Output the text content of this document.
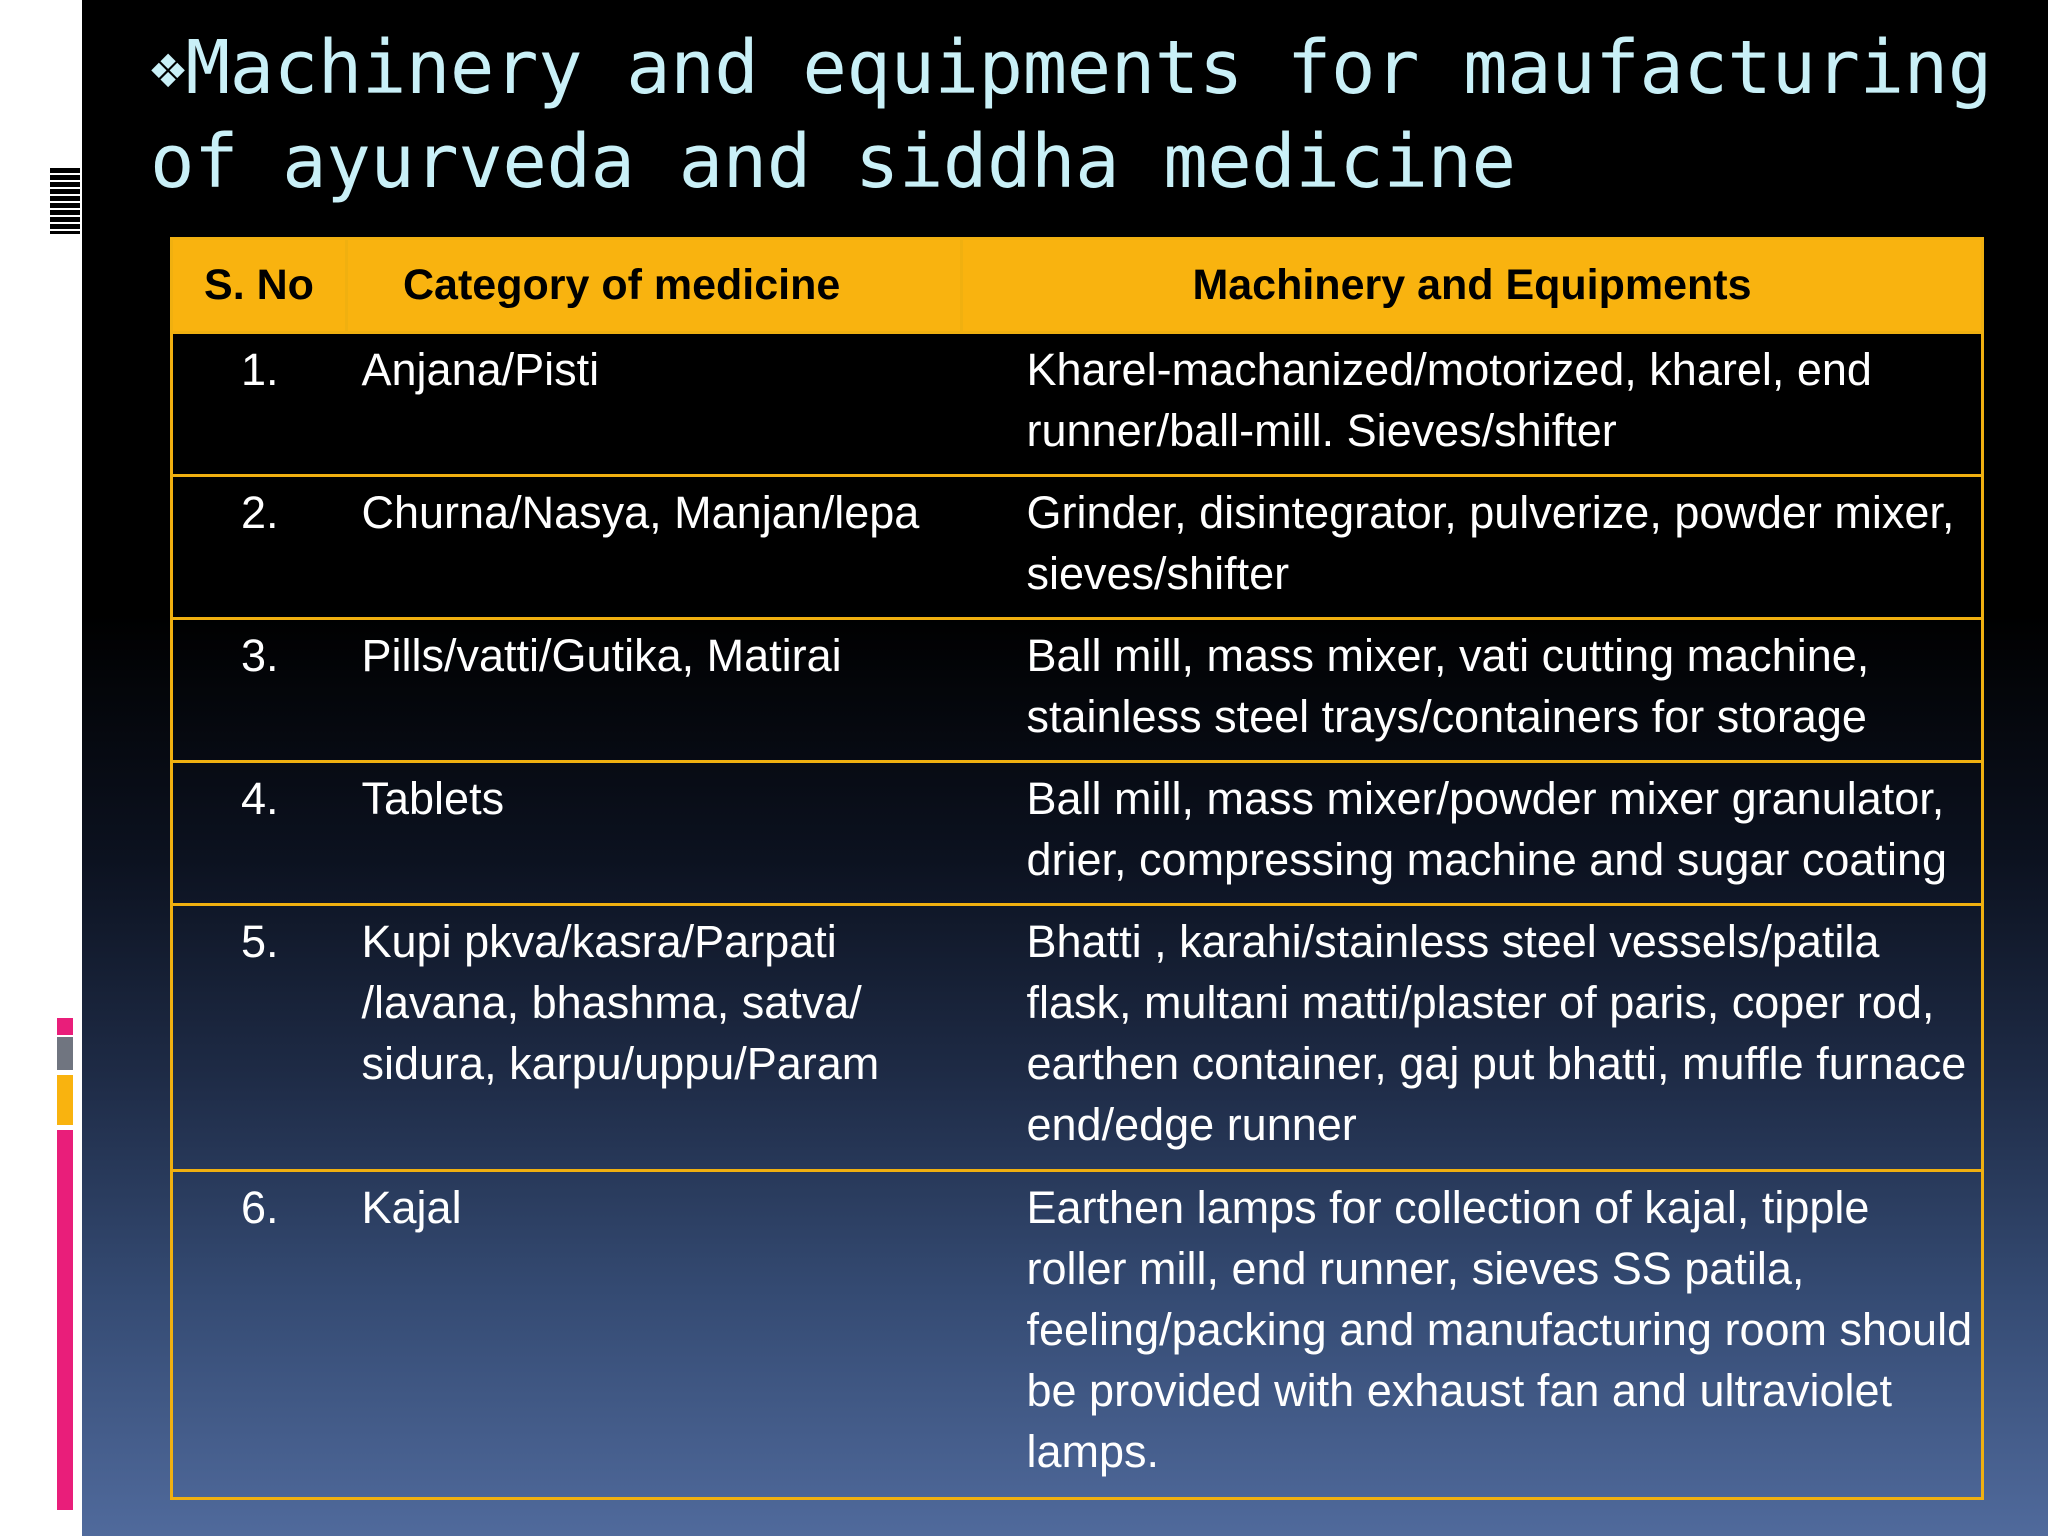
❖Machinery and equipments for maufacturing of ayurveda and siddha medicine
S. No	Category of medicine	Machinery and Equipments
1.	Anjana/Pisti	Kharel-machanized/motorized, kharel, end runner/ball-mill. Sieves/shifter
2.	Churna/Nasya, Manjan/lepa	Grinder, disintegrator, pulverize, powder mixer, sieves/shifter
3.	Pills/vatti/Gutika, Matirai	Ball mill, mass mixer, vati cutting machine, stainless steel trays/containers for storage
4.	Tablets	Ball mill, mass mixer/powder mixer granulator, drier, compressing machine and sugar coating
5.	Kupi pkva/kasra/Parpati /lavana, bhashma, satva/ sidura, karpu/uppu/Param	Bhatti , karahi/stainless steel vessels/patila flask, multani matti/plaster of paris, coper rod, earthen container, gaj put bhatti, muffle furnace end/edge runner
6.	Kajal	Earthen lamps for collection of kajal, tipple roller mill, end runner, sieves SS patila, feeling/packing and manufacturing room should be provided with exhaust fan and ultraviolet lamps.
